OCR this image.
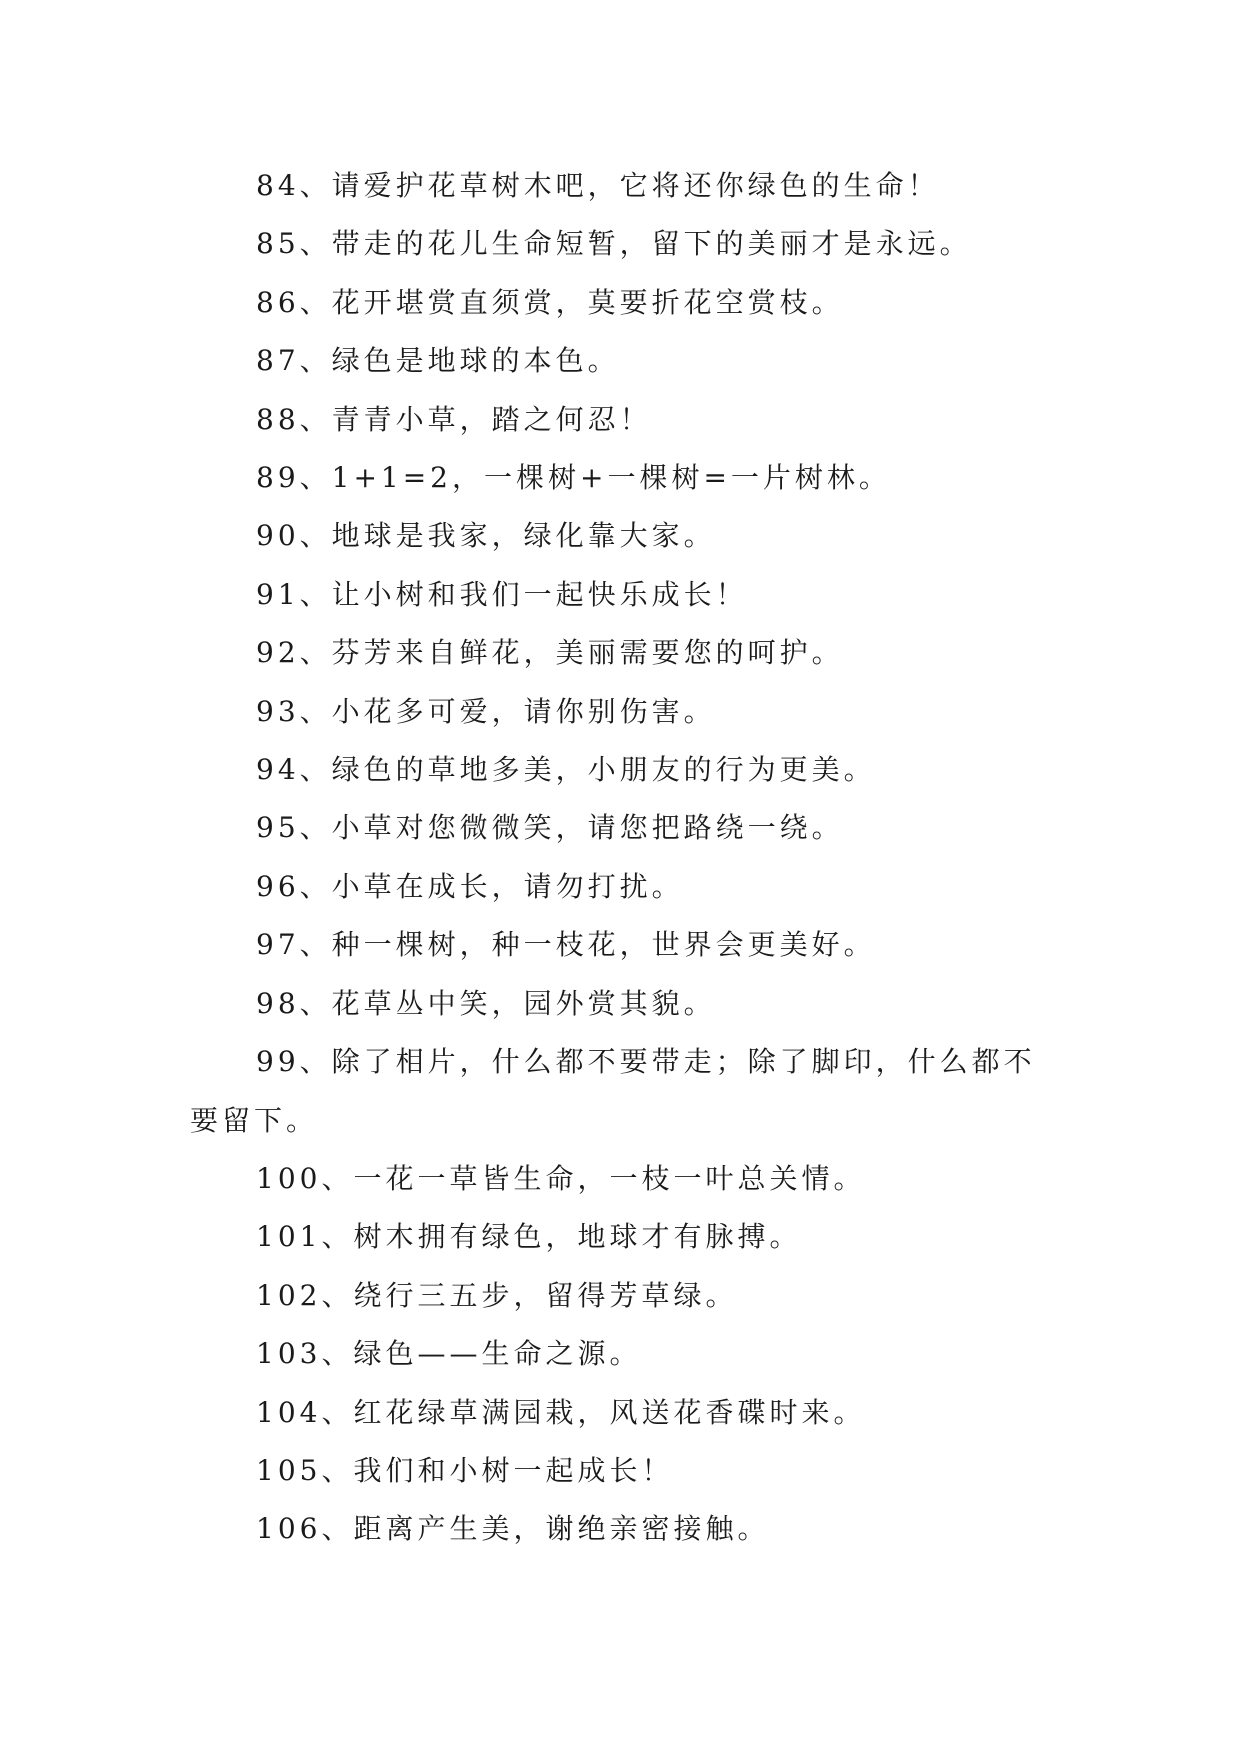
84、请爱护花草树木吧，它将还你绿色的生命！

85、带走的花儿生命短暂，留下的美丽才是永远。

86、花开堪赏直须赏，莫要折花空赏枝。

87、绿色是地球的本色。

88、青青小草，踏之何忍！

89、1+1=2，一棵树+一棵树=一片树林。

90、地球是我家，绿化靠大家。

91、让小树和我们一起快乐成长！

92、芬芳来自鲜花，美丽需要您的呵护。

93、小花多可爱，请你别伤害。

94、绿色的草地多美，小朋友的行为更美。

95、小草对您微微笑，请您把路绕一绕。

96、小草在成长，请勿打扰。

97、种一棵树，种一枝花，世界会更美好。

98、花草丛中笑，园外赏其貌。

99、除了相片，什么都不要带走；除了脚印，什么都不要留下。

100、一花一草皆生命，一枝一叶总关情。

101、树木拥有绿色，地球才有脉搏。

102、绕行三五步，留得芳草绿。

103、绿色——生命之源。

104、红花绿草满园栽，风送花香碟时来。

105、我们和小树一起成长！

106、距离产生美，谢绝亲密接触。
